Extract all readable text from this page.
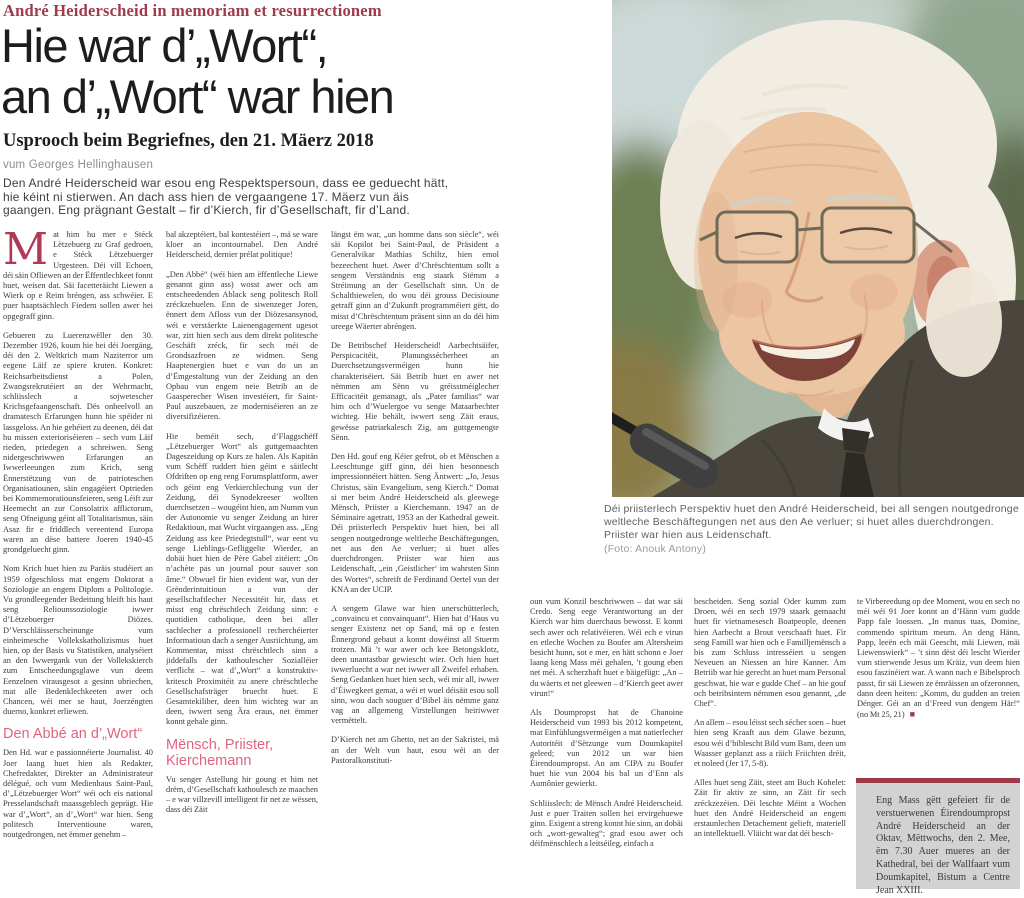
André Heiderscheid in memoriam et resurrectionem
Hie war d’„Wort“,
an d’„Wort“ war hien
Usprooch beim Begriefnes, den 21. Mäerz 2018
vum Georges Hellinghausen
Den André Heiderscheid war esou eng Respektspersoun, dass ee geduecht hätt, hie kéint ni stierwen. An dach ass hien de vergaangene 17. Mäerz vun äis gaangen. Eng prägnant Gestalt – fir d’Kierch, fir d’Gesellschaft, fir d’Land.

Mat him hu mer e Stéck Lëtzebuerg zu Graf gedroen, e Stéck Lëtzebuerger Urgesteen. Déi vill Echoen, déi säin Ofliewen an der Ëffentlechkeet fonnt huet, weisen dat. Säi facetteräicht Liewen a Wierk op e Reim bréngen, ass schwéier. E puer haaptsächlech Fiedem sollen awer hei opgegraff ginn.

Gebueren zu Luerenzwëller den 30. Dezember 1926, koum hie bei déi Joergäng, déi den 2. Weltkrich mam Naziterror um eegene Läif ze spiere kruten. Konkret: Reichsarbeitsdienst a Polen, Zwangsrekrutéiert an der Wehrmacht, schliisslech a sojwetescher Krichsgefaangenschaft. Dës onheelvoll an dramatesch Erfarungen hunn hie spéider ni lassgeloss. An hie gehéiert zu deenen, déi dat hu missen exterioriséieren – sech vum Läif rieden, priedegen a schreiwen. Seng nidergeschriwwen Erfarungen an Iwwerleeungen zum Krich, seng Ënnerstëtzung vun de patrioteschen Organisatiounen, säin engagéiert Optrieden bei Kommemoratiounsfeieren, seng Léift zur Heemecht an zur Consolatrix afflictorum, seng Ofneigung géint all Totalitarismus, säin Asaz fir e friddlech vereentend Europa waren an dëse battere Joeren 1940-45 grondgeluecht ginn.

Nom Krich huet hien zu Paräis studéiert an 1959 ofgeschloss mat engem Doktorat a Soziologie an engem Diplom a Politologie. Vu grondleegender Bedeitung bleift bis haut seng Reliounssoziologie iwwer d’Lëtzebuerger Diözes. D’Verschläisserscheinunge vum einheimesche Vollekskatholizismus huet hien, op der Basis vu Statistiken, analyséiert an den Iwwergank vun der Vollekskierch zum Entscheedungsglawe vun deem Eenzelnen virausgesot a gesinn ubriechen, mat alle Bedenklechkeeten awer och Chancen, wéi mer se haut, Joerzéngten duerno, konkret erliewen.

Den Abbé an d’„Wort“

Den Hd. war e passionnéierte Journalist. 40 Joer laang huet hien als Redakter, Chefredakter, Direkter an Administrateur délégué, och vum Medienhaus Saint-Paul, d’„Lëtzebuerger Wort“ wéi och eis national Presselandschaft maassgeblech geprägt. Hie war d’„Wort“, an d’„Wort“ war hien. Seng politesch Interventioune waren, noutgedrongen, net ëmmer genehm –

bal akzeptéiert, bal kontestéiert –, mä se ware kloer an incontournabel. Den André Heiderscheid, dernier prélat politique!

„Den Abbé“ (wéi hien am ëffentleche Liewe genannt ginn ass) wosst awer och am entscheedenden Ablack seng politesch Roll zréckzehuelen. Enn de siwenzeger Joren, ënnert dem Afloss vun der Diözesansynod, wéi e verstäerkte Laienengagement ugesot war, zitt hien sech aus dem direkt politesche Geschäft zréck, fir sech méi de Grondsazfroen ze widmen. Seng Haaptenergien huet e vun do un an d’Ëmgestaltung vun der Zeidung an den Opbau vun engem neie Betrib an de Gaasperecher Wisen investéiert, fir Saint-Paul auszebauen, ze moderniséieren an ze diversifizéieren.

Hie beméit sech, d’Flaggschëff „Lëtzebuerger Wort“ als guttgemaachten Dageszeidung op Kurs ze halen. Als Kapitän vum Schëff ruddert hien géint e säitlecht Ofdriften op eng reng Forumsplattform, awer och géint eng Verkierchlechung vun der Zeidung, déi Synodekreeser wollten duerchsetzen – wougéint hien, am Numm vun der Autonomie vu senger Zeidung an hirer Redaktioun, mat Wucht virgaangen ass. „Eng Zeidung ass kee Priedegtstull“, war eent vu senge Lieblings-Gefliggelte Wierder, an dobäi huet hien de Père Gabel zitéiert: „On n’achète pas un journal pour sauver son âme.“ Obwuel fir hien evident war, vun der Grënderintuitioun a vun der gesellschaftlecher Necessitéit hir, dass et misst eng chrëschtlech Zeidung sinn: e quotidien catholique, deen bei aller sachlecher a professionell recherchéierter Informatioun dach a senger Ausriichtung, am Kommentar, misst chrëschtlech sinn a jiddefalls der kathoulescher Sozialléier verflicht – wat d’„Wort“ a konstruktiv-kritesch Proximitéit zu anere chrëschtleche Gesellschafsträger bruecht huet. E Gesamtekiliber, deen him wichteg war an deen, iwwert seng Ära eraus, net ëmmer konnt gehale ginn.

Mënsch, Priister, Kierchemann

Vu senger Astellung hir goung et him net drëm, d’Gesellschaft kathoulesch ze maachen – e war villzevill intelligent fir net ze wëssen, dass déi Zäit

längst ëm war, „un homme dans son siècle“, wéi säi Kopilot bei Saint-Paul, de Präsident a Generalvikar Mathias Schiltz, hien emol bezeechent huet. Awer d’Chrëschtentum sollt a sengem Verständnis eng staark Stëmm a Stréimung an der Gesellschaft sinn. Un de Schalthiewelen, do wou déi grouss Decisioune getraff ginn an d’Zukunft programméiert gëtt, do misst d’Chrëschtentum präsent sinn an do déi him ureege Wäerter abréngen.

De Betribschef Heiderscheid! Aarbechtsäifer, Perspicacitéit, Planungssécherheet an Duerchsetzungsverméigen hunn hie charakteriséiert. Säi Betrib huet en awer net nëmmen am Sënn vu gréisstméiglecher Efficacitéit gemanagt, als „Pater familias“ war him och d’Wuelergoe vu senge Mataarbechter wichteg. Hie behält, iwwert seng Zäit eraus, gewësse patriarkalesch Zig, am guttgemengte Sënn.

Den Hd. gouf eng Kéier gefrot, ob et Mënschen a Leeschtunge giff ginn, déi hien besonnesch impressionnéiert hätten. Seng Äntwert: „Jo, Jesus Christus, säin Evangelium, seng Kierch.“ Domat si mer beim André Heiderscheid als gleewege Mënsch, Priister a Kierchemann. 1947 an de Séminaire agetratt, 1953 an der Kathedral geweit. Déi priisterlech Perspektiv huet hien, bei all sengen noutgedronge weltleche Beschäftegungen, net aus den Ae verluer; si huet alles duerchdrongen. Priister war hien aus Leidenschaft, „ein ‚Geistlicher‘ im wahrsten Sinn des Wortes“, schreift de Ferdinand Oertel vun der KNA an der UCIP.

A sengem Glawe war hien unerschütterlech, „convaincu et convainquant“. Hien hat d’Haus vu senger Existenz net op Sand, mä op e festen Ënnergrond gebaut a konnt dowéinst all Stuerm trotzen. Mä ’t war awer och kee Betongsklotz, deen unantastbar gewiescht wier. Och hien huet iwwerluecht a war net iwwer all Zweifel erhaben. Seng Gedanken huet hien sech, wéi mir all, iwwer d’Éiwegkeet gemat, a wéi et wuel déisäit esou soll sinn, wou dach souguer d’Bibel äis nëmme ganz vag an allgemeng Virstellungen heiriwwer vermëttelt.

D’Kierch net am Ghetto, net an der Sakristei, mä an der Welt vun haut, esou wéi an der Pastoralkonstituti-

oun vum Konzil beschriwwen – dat war säi Credo. Seng eege Verantwortung an der Kierch war him duerchaus bewosst. E konnt sech awer och relativéieren. Wéi ech e virun en etleche Wochen zu Boufer am Altersheim besicht hunn, sot e mer, en hätt schonn e Joer laang keng Mass méi gehalen, ’t goung eben net méi. A scherzhaft huet e bäigefügt: „An – du wäerts et net gleewen – d’Kierch geet awer virun!“

Als Doumpropst hat de Chanoine Heiderscheid vun 1993 bis 2012 kompetent, mat Einfühlungsverméigen a mat natierlecher Autoritéit d’Sëtzunge vum Doumkapitel geleed; vun 2012 un war hien Éirendoumpropst. An am CIPA zu Boufer huet hie vun 2004 bis bal un d’Enn als Aumônier gewierkt.

Schliisslech: de Mënsch André Heiderscheid. Just e puer Traiten sollen hei ervirgehuewe ginn. Exigent a streng konnt hie sinn, an dobäi och „wort-gewalteg“; grad esou awer och déifmënschlech a leitséileg, einfach a

bescheiden. Seng sozial Oder kumm zum Droen, wéi en sech 1979 staark gemaacht huet fir vietnamesesch Boatpeople, deenen hien Aarbecht a Brout verschaaft huet. Fir seng Famill war hien och e Familljemënsch a bis zum Schluss intresséiert u sengen Neveuen an Niessen an hire Kanner. Am Betriib war hie gerecht an huet mam Personal geschwat, hie war e gudde Chef – an hie gouf och betribsintern nëmmen esou genannt, „de Chef“.

An allem – esou léisst sech sécher soen – huet hien seng Kraaft aus dem Glawe bezunn, esou wéi d’biblescht Bild vum Bam, deen um Waasser geplanzt ass a räich Friichten dréit, et noleed (Jer 17, 5-8).

Alles huet seng Zäit, steet am Buch Kohelet: Zäit fir aktiv ze sinn, an Zäit fir sech zréckzezéien. Déi leschte Méint a Wochen huet den André Heiderscheid an engem erstaunlechen Detachement gelieft, materiell an intellektuell. Vläicht war dat déi besch-

te Virbereedung op dee Moment, wou en sech no méi wéi 91 Joer konnt an d’Hänn vum gudde Papp fale loossen. „In manus tuas, Domine, commendo spiritum meum. An deng Hänn, Papp, leeën ech mäi Geescht, mäi Liewen, mäi Liewenswierk“ – ’t sinn dëst déi lescht Wierder vum stierwende Jesus um Kräiz, vun deem hien esou faszinéiert war. A wann nach e Bibelsproch passt, fir säi Liewen ze ëmräissen an ofzeronnen, dann deen heiten: „Komm, du gudden an treien Dénger. Géi an an d’Freed vun dengem Här!“ (no Mt 25, 21) ■

Déi priisterlech Perspektiv huet den André Heiderscheid, bei all sengen noutgedronge weltleche Beschäftegungen net aus den Ae verluer; si huet alles duerchdrongen. Priister war hien aus Leidenschaft.
(Foto: Anouk Antony)

Eng Mass gëtt gefeiert fir de verstuerwenen Éirendoumpropst André Heiderscheid an der Oktav, Mëttwochs, den 2. Mee, ëm 7.30 Auer mueres an der Kathedral, bei der Wallfaart vum Doumkapitel, Bistum a Centre Jean XXIII.
